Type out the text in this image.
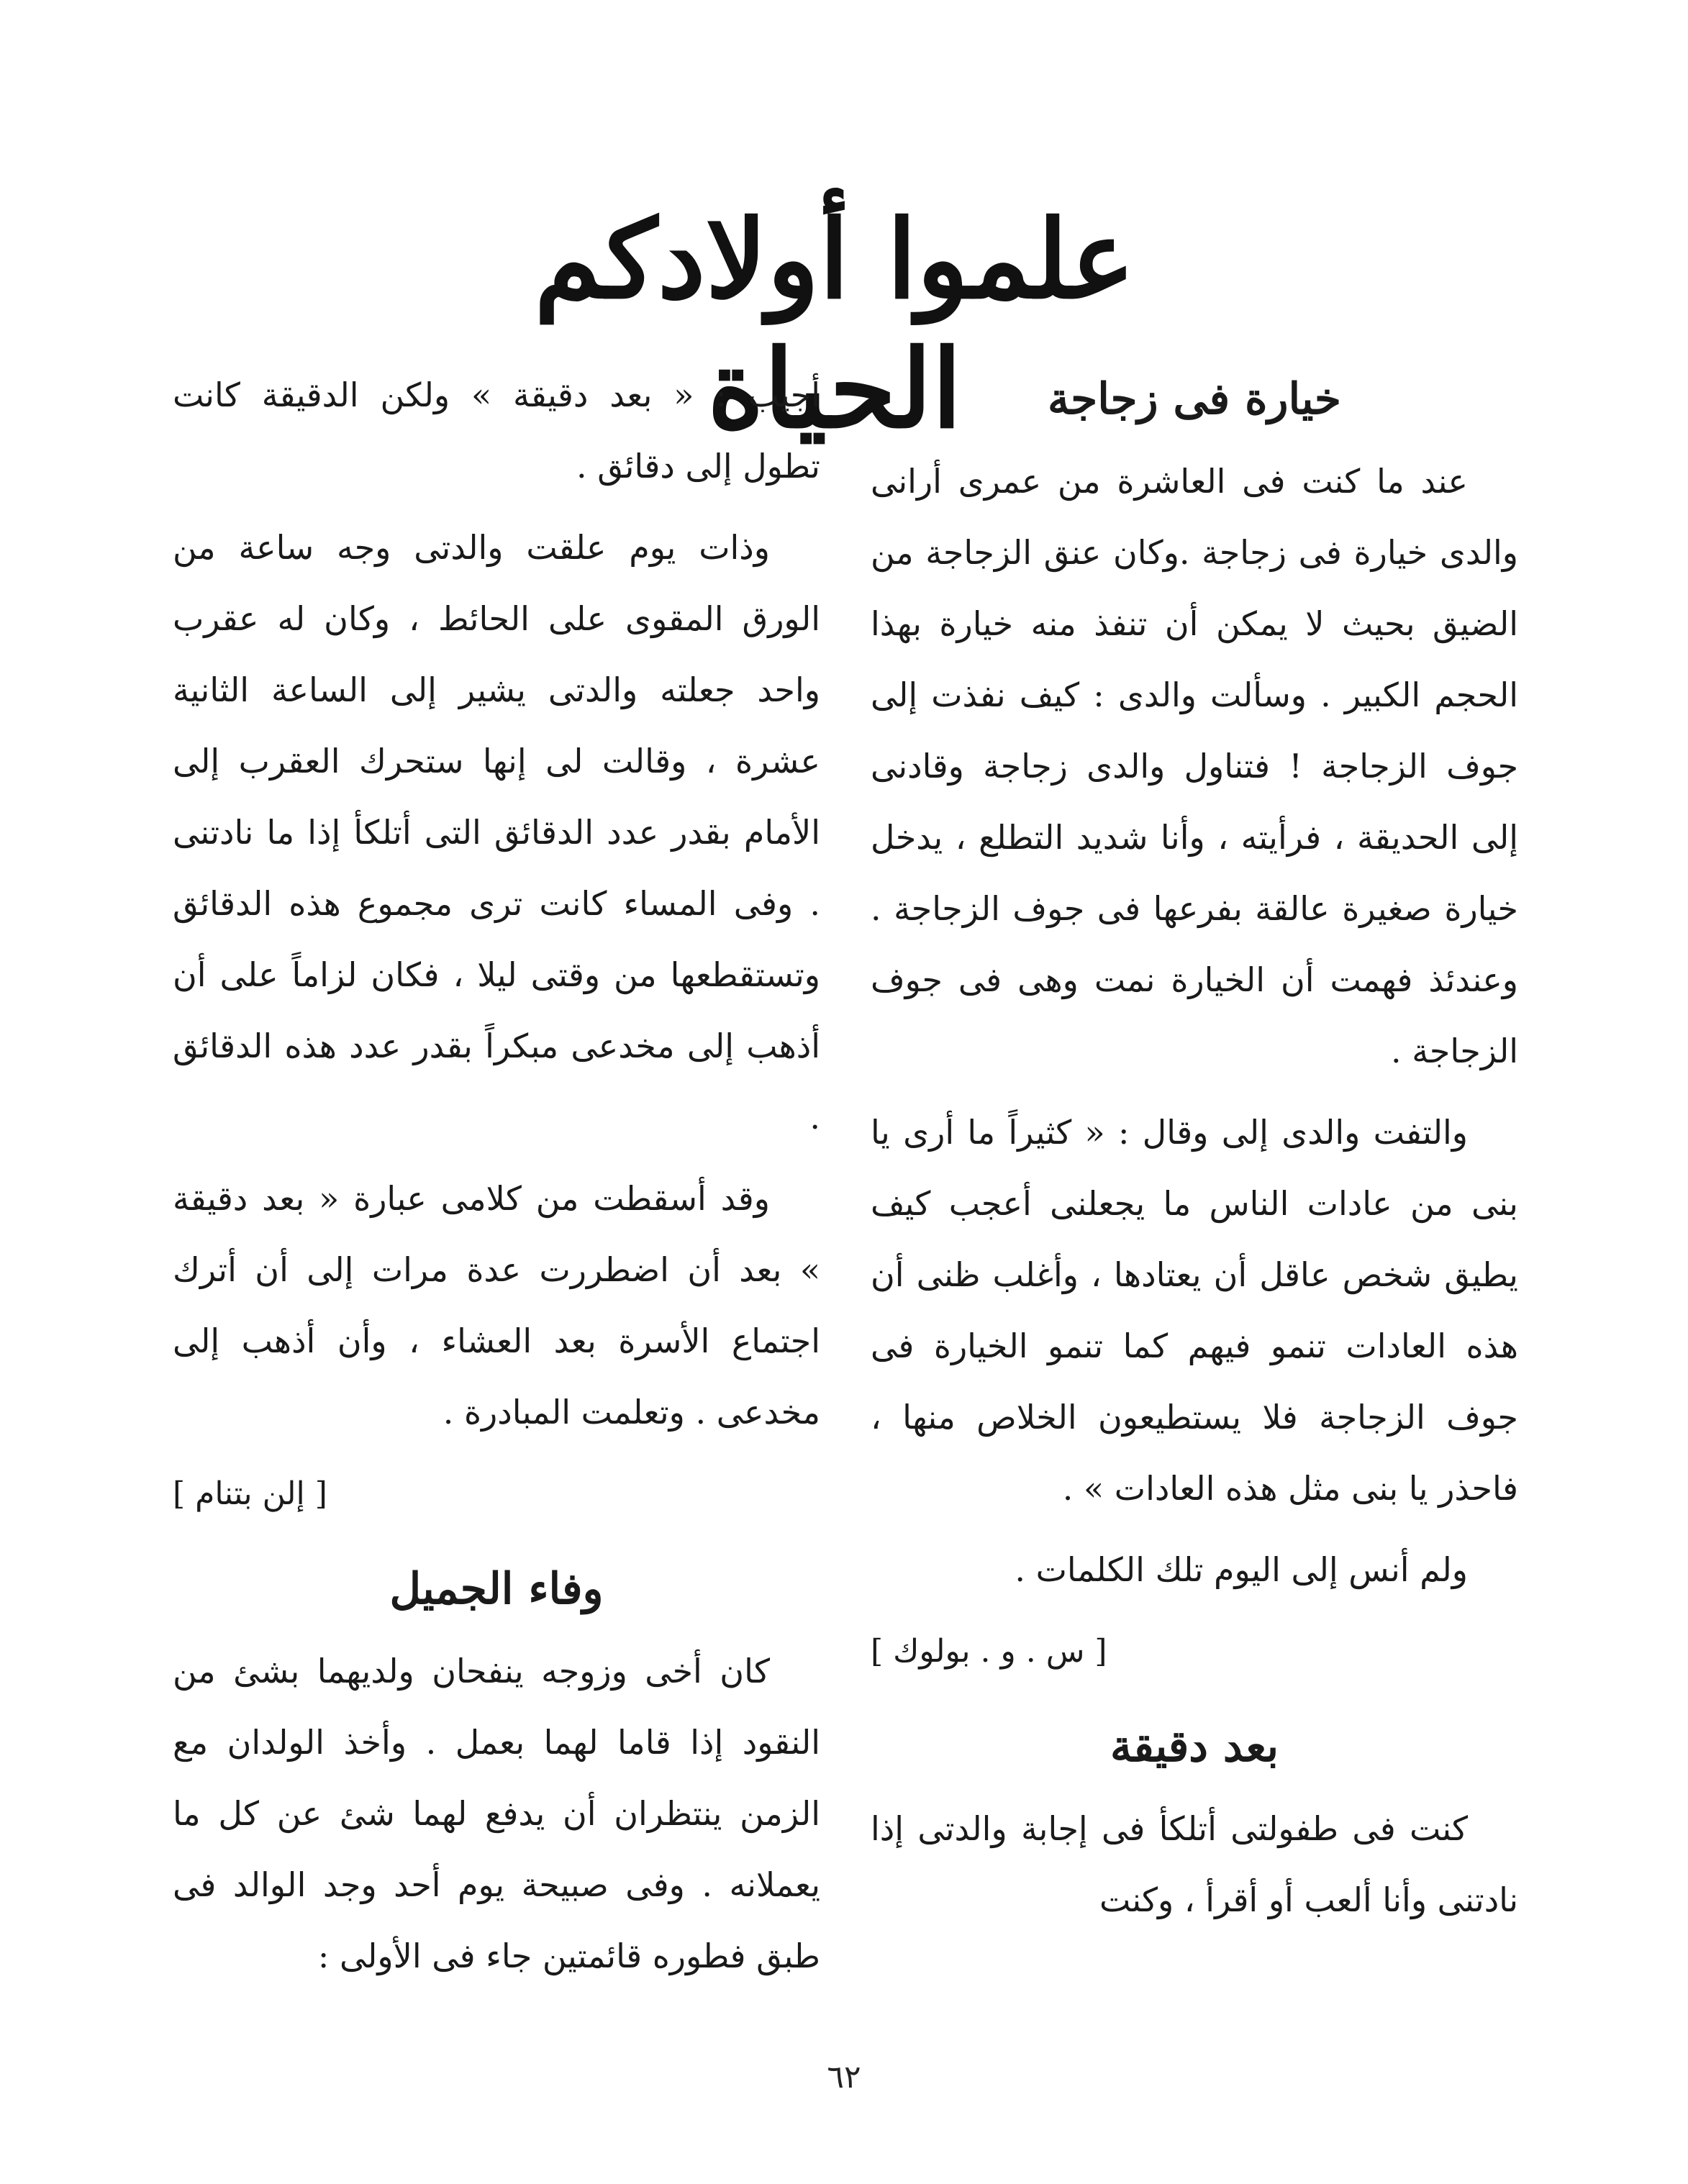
علموا أولادكم الحياة	خيارة فى زجاجة

عند ما كنت فى العاشرة من عمرى أرانى والدى خيارة فى زجاجة .وكان عنق الزجاجة من الضيق بحيث لا يمكن أن تنفذ منه خيارة بهذا الحجم الكبير . وسألت والدى : كيف نفذت إلى جوف الزجاجة ! فتناول والدى زجاجة وقادنى إلى الحديقة ، فرأيته ، وأنا شديد التطلع ، يدخل خيارة صغيرة عالقة بفرعها فى جوف الزجاجة . وعندئذ فهمت أن الخيارة نمت وهى فى جوف الزجاجة .

والتفت والدى إلى وقال : « كثيراً ما أرى يا بنى من عادات الناس ما يجعلنى أعجب كيف يطيق شخص عاقل أن يعتادها ، وأغلب ظنى أن هذه العادات تنمو فيهم كما تنمو الخيارة فى جوف الزجاجة فلا يستطيعون الخلاص منها ، فاحذر يا بنى مثل هذه العادات » .

ولم أنس إلى اليوم تلك الكلمات .

[ س . و . بولوك ]
بعد دقيقة

كنت فى طفولتى أتلكأ فى إجابة والدتى إذا نادتنى وأنا ألعب أو أقرأ ، وكنت

أجيب : « بعد دقيقة » ولكن الدقيقة كانت تطول إلى دقائق .

وذات يوم علقت والدتى وجه ساعة من الورق المقوى على الحائط ، وكان له عقرب واحد جعلته والدتى يشير إلى الساعة الثانية عشرة ، وقالت لى إنها ستحرك العقرب إلى الأمام بقدر عدد الدقائق التى أتلكأ إذا ما نادتنى . وفى المساء كانت ترى مجموع هذه الدقائق وتستقطعها من وقتى ليلا ، فكان لزاماً على أن أذهب إلى مخدعى مبكراً بقدر عدد هذه الدقائق .

وقد أسقطت من كلامى عبارة « بعد دقيقة » بعد أن اضطررت عدة مرات إلى أن أترك اجتماع الأسرة بعد العشاء ، وأن أذهب إلى مخدعى . وتعلمت المبادرة .

[ إلن بتنام ]
وفاء الجميل

كان أخى وزوجه ينفحان ولديهما بشئ من النقود إذا قاما لهما بعمل . وأخذ الولدان مع الزمن ينتظران أن يدفع لهما شئ عن كل ما يعملانه . وفى صبيحة يوم أحد وجد الوالد فى طبق فطوره قائمتين جاء فى الأولى :

٦٢
